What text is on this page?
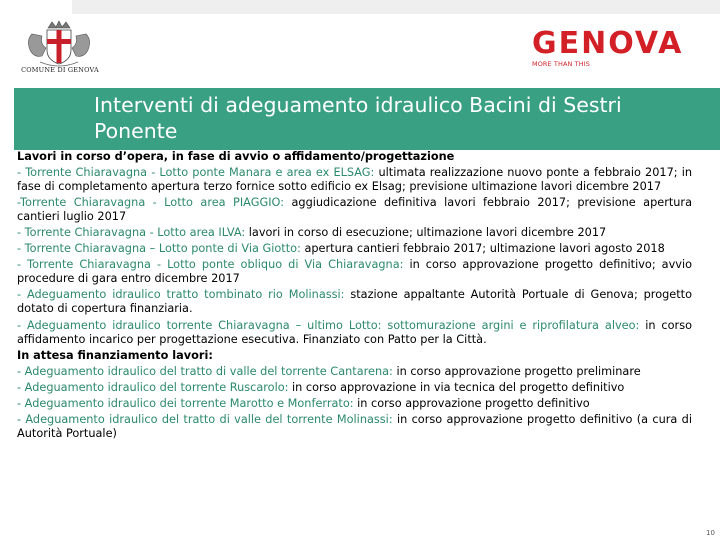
COMUNE DI GENOVA
GENOVA
MORE THAN THIS
Interventi di adeguamento idraulico Bacini di Sestri Ponente

Lavori in corso d’opera, in fase di avvio o affidamento/progettazione

- Torrente Chiaravagna - Lotto ponte Manara e area ex ELSAG: ultimata realizzazione nuovo ponte a febbraio 2017; in fase di completamento apertura terzo fornice sotto edificio ex Elsag; previsione ultimazione lavori dicembre 2017

-Torrente Chiaravagna - Lotto area PIAGGIO: aggiudicazione definitiva lavori febbraio 2017; previsione apertura cantieri luglio 2017

- Torrente Chiaravagna - Lotto area ILVA: lavori in corso di esecuzione; ultimazione lavori dicembre 2017

- Torrente Chiaravagna – Lotto ponte di Via Giotto: apertura cantieri febbraio 2017; ultimazione lavori agosto 2018

- Torrente Chiaravagna - Lotto ponte obliquo di Via Chiaravagna: in corso approvazione progetto definitivo; avvio procedure di gara entro dicembre 2017

- Adeguamento idraulico tratto tombinato rio Molinassi: stazione appaltante Autorità Portuale di Genova; progetto dotato di copertura finanziaria.

- Adeguamento idraulico torrente Chiaravagna – ultimo Lotto: sottomurazione argini e riprofilatura alveo: in corso affidamento incarico per progettazione esecutiva. Finanziato con Patto per la Città.

In attesa finanziamento lavori:

- Adeguamento idraulico del tratto di valle del torrente Cantarena: in corso approvazione progetto preliminare

- Adeguamento idraulico del torrente Ruscarolo: in corso approvazione in via tecnica del progetto definitivo

- Adeguamento idraulico dei torrente Marotto e Monferrato: in corso approvazione progetto definitivo

- Adeguamento idraulico del tratto di valle del torrente Molinassi: in corso approvazione progetto definitivo (a cura di Autorità Portuale)

10
